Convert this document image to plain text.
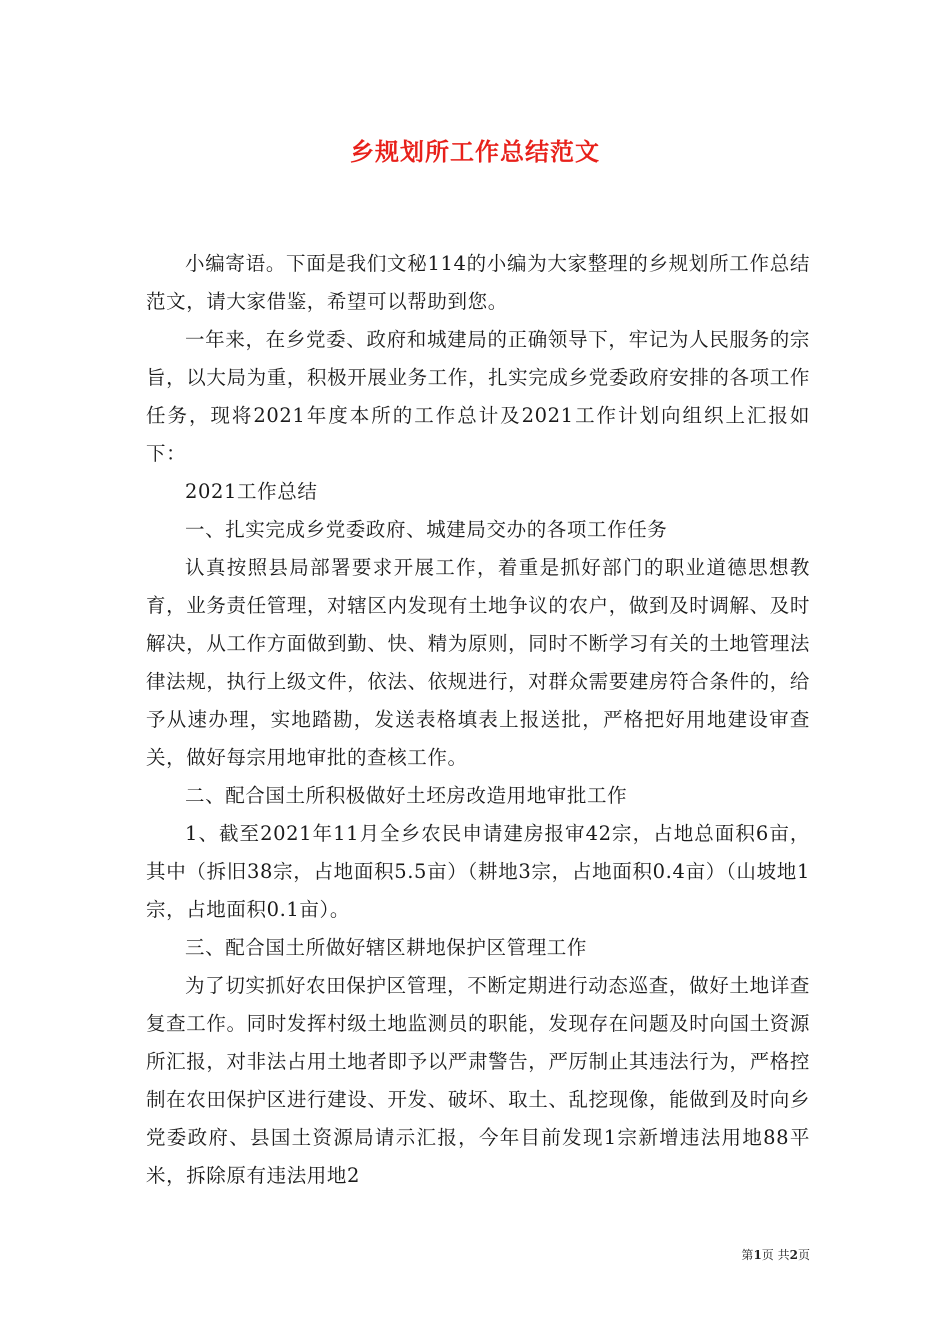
乡规划所工作总结范文

小编寄语。下面是我们文秘114的小编为大家整理的乡规划所工作总结范文，请大家借鉴，希望可以帮助到您。

一年来，在乡党委、政府和城建局的正确领导下，牢记为人民服务的宗旨，以大局为重，积极开展业务工作，扎实完成乡党委政府安排的各项工作任务，现将2021年度本所的工作总计及2021工作计划向组织上汇报如下：

2021工作总结

一、扎实完成乡党委政府、城建局交办的各项工作任务

认真按照县局部署要求开展工作，着重是抓好部门的职业道德思想教育，业务责任管理，对辖区内发现有土地争议的农户，做到及时调解、及时解决，从工作方面做到勤、快、精为原则，同时不断学习有关的土地管理法律法规，执行上级文件，依法、依规进行，对群众需要建房符合条件的，给予从速办理，实地踏勘，发送表格填表上报送批，严格把好用地建设审查关，做好每宗用地审批的查核工作。

二、配合国土所积极做好土坯房改造用地审批工作

1、截至2021年11月全乡农民申请建房报审42宗，占地总面积6亩，其中（拆旧38宗，占地面积5.5亩）（耕地3宗，占地面积0.4亩）（山坡地1宗，占地面积0.1亩）。

三、配合国土所做好辖区耕地保护区管理工作

为了切实抓好农田保护区管理，不断定期进行动态巡查，做好土地详查复查工作。同时发挥村级土地监测员的职能，发现存在问题及时向国土资源所汇报，对非法占用土地者即予以严肃警告，严厉制止其违法行为，严格控制在农田保护区进行建设、开发、破坏、取土、乱挖现像，能做到及时向乡党委政府、县国土资源局请示汇报，今年目前发现1宗新增违法用地88平米，拆除原有违法用地2

第1页 共2页
